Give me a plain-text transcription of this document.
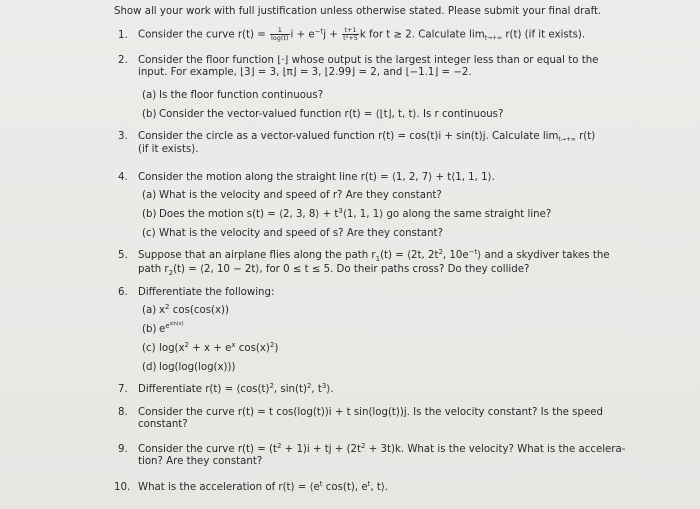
Show all your work with full justification unless otherwise stated. Please submit your final draft.
1. Consider the curve $r(t) = \frac{1}{\log(t)}$ $i + e^{-t}j + \frac{t+1}{\text{t²+5}}$ k for t ≥ 2. Calculate limt→+∞ r(t) (if it exists).
2. Consider the floor function ⌊·⌋ whose output is the largest integer less than or equal to the
input. For example, ⌊3⌋ = 3, ⌊π⌋ = 3, ⌊2.99⌋ = 2, and ⌊−1.1⌋ = −2.
(a) Is the floor function continuous?
(b) Consider the vector-valued function r(t) = ⟨⌊t⌋, t, t⟩. Is r continuous?
3. Consider the circle as a vector-valued function r(t) = cos(t)i + sin(t)j. Calculate limt→+∞ r(t)
(if it exists).
4. Consider the motion along the straight line r(t) = ⟨1, 2, 7⟩ + t⟨1, 1, 1⟩.
(a) What is the velocity and speed of r? Are they constant?
(b) Does the motion s(t) = ⟨2, 3, 8⟩ + $t^3⟨1$, 1, 1⟩ go along the same straight line?
(c) What is the velocity and speed of s? Are they constant?
5. Suppose that an airplane flies along the path $r_1(t)$ = ⟨2t, $2t^2$, $10e^{-t}⟩$ and a skydiver takes the
path $r_2(t)$ = ⟨2, 10 − 2t⟩, for 0 ≤ t ≤ 5. Do their paths cross? Do they collide?
6. Differentiate the following:
(a) $x^2$ cos(cos(x))
(b) $e^{e^{sin(x)}}$
(c) $\log(x^2 + x + e^x$ $\cos(x)^2$)
(d) log(log(log(x)))
7. Differentiate $r(t) = ⟨\cos(t)^2$, $\sin(t)^2$, $t^3⟩$.
8. Consider the curve r(t) = t cos(log(t))i + t sin(log(t))j. Is the velocity constant? Is the speed
constant?
9. Consider the curve $r(t) = (t^2 + 1)i$ + tj + $(2t^2 + 3t)k$. What is the velocity? What is the accelera-
tion? Are they constant?
10. What is the acceleration of $r(t) = ⟨e^t$ cos(t), $e^t$, t⟩.
